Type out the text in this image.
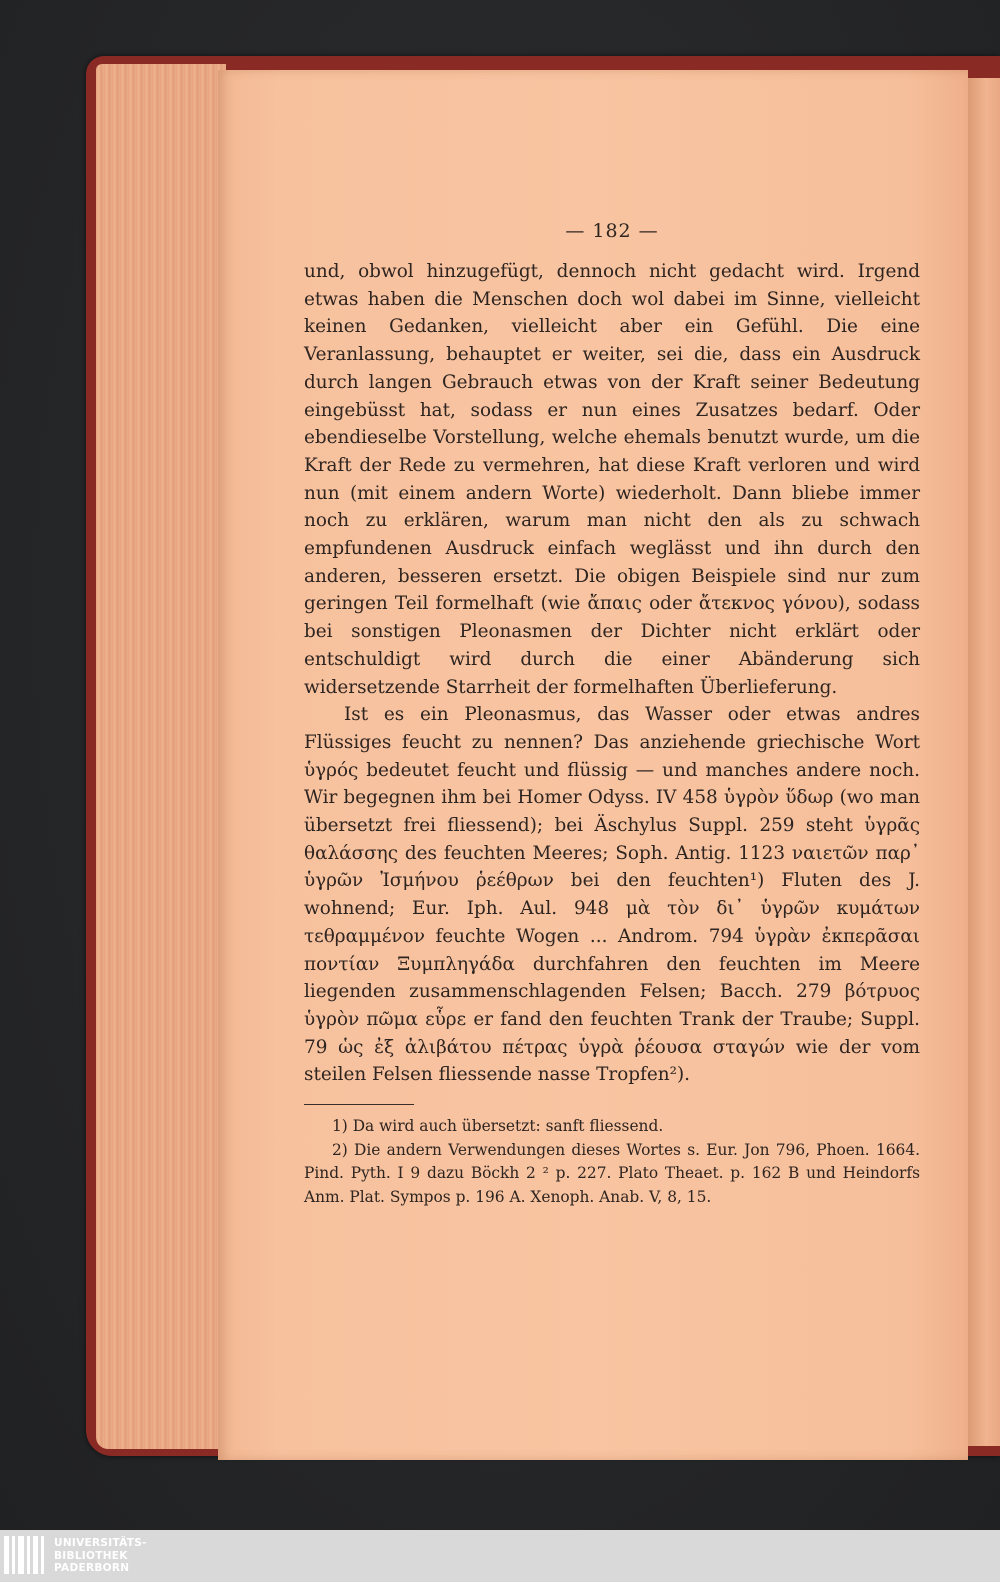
— 182 —

und, obwol hinzugefügt, dennoch nicht gedacht wird. Irgend etwas haben die Menschen doch wol dabei im Sinne, vielleicht keinen Gedanken, vielleicht aber ein Gefühl. Die eine Veranlassung, behauptet er weiter, sei die, dass ein Ausdruck durch langen Gebrauch etwas von der Kraft seiner Bedeutung eingebüsst hat, sodass er nun eines Zusatzes bedarf. Oder ebendieselbe Vorstellung, welche ehemals benutzt wurde, um die Kraft der Rede zu vermehren, hat diese Kraft verloren und wird nun (mit einem andern Worte) wiederholt. Dann bliebe immer noch zu erklären, warum man nicht den als zu schwach empfundenen Ausdruck einfach weglässt und ihn durch den anderen, besseren ersetzt. Die obigen Beispiele sind nur zum geringen Teil formelhaft (wie ἄπαις oder ἄτεκνος γόνου), sodass bei sonstigen Pleonasmen der Dichter nicht erklärt oder entschuldigt wird durch die einer Abänderung sich widersetzende Starrheit der formelhaften Überlieferung.

Ist es ein Pleonasmus, das Wasser oder etwas andres Flüssiges feucht zu nennen? Das anziehende griechische Wort ὑγρός bedeutet feucht und flüssig — und manches andere noch. Wir begegnen ihm bei Homer Odyss. IV 458 ὑγρὸν ὕδωρ (wo man übersetzt frei fliessend); bei Äschylus Suppl. 259 steht ὑγρᾶς θαλάσσης des feuchten Meeres; Soph. Antig. 1123 ναιετῶν παρ᾽ ὑγρῶν Ἰσμήνου ῥεέθρων bei den feuchten¹) Fluten des J. wohnend; Eur. Iph. Aul. 948 μὰ τὸν δι᾽ ὑγρῶν κυμάτων τεθραμμένον feuchte Wogen ... Androm. 794 ὑγρὰν ἐκπερᾶσαι ποντίαν Ξυμπληγάδα durchfahren den feuchten im Meere liegenden zusammenschlagenden Felsen; Bacch. 279 βότρυος ὑγρὸν πῶμα εὗρε er fand den feuchten Trank der Traube; Suppl. 79 ὡς ἐξ ἀλιβάτου πέτρας ὑγρὰ ῥέουσα σταγών wie der vom steilen Felsen fliessende nasse Tropfen²).

1) Da wird auch übersetzt: sanft fliessend.

2) Die andern Verwendungen dieses Wortes s. Eur. Jon 796, Phoen. 1664. Pind. Pyth. I 9 dazu Böckh 2 ² p. 227. Plato Theaet. p. 162 B und Heindorfs Anm. Plat. Sympos p. 196 A. Xenoph. Anab. V, 8, 15.

UNIVERSITÄTS-
BIBLIOTHEK
PADERBORN
